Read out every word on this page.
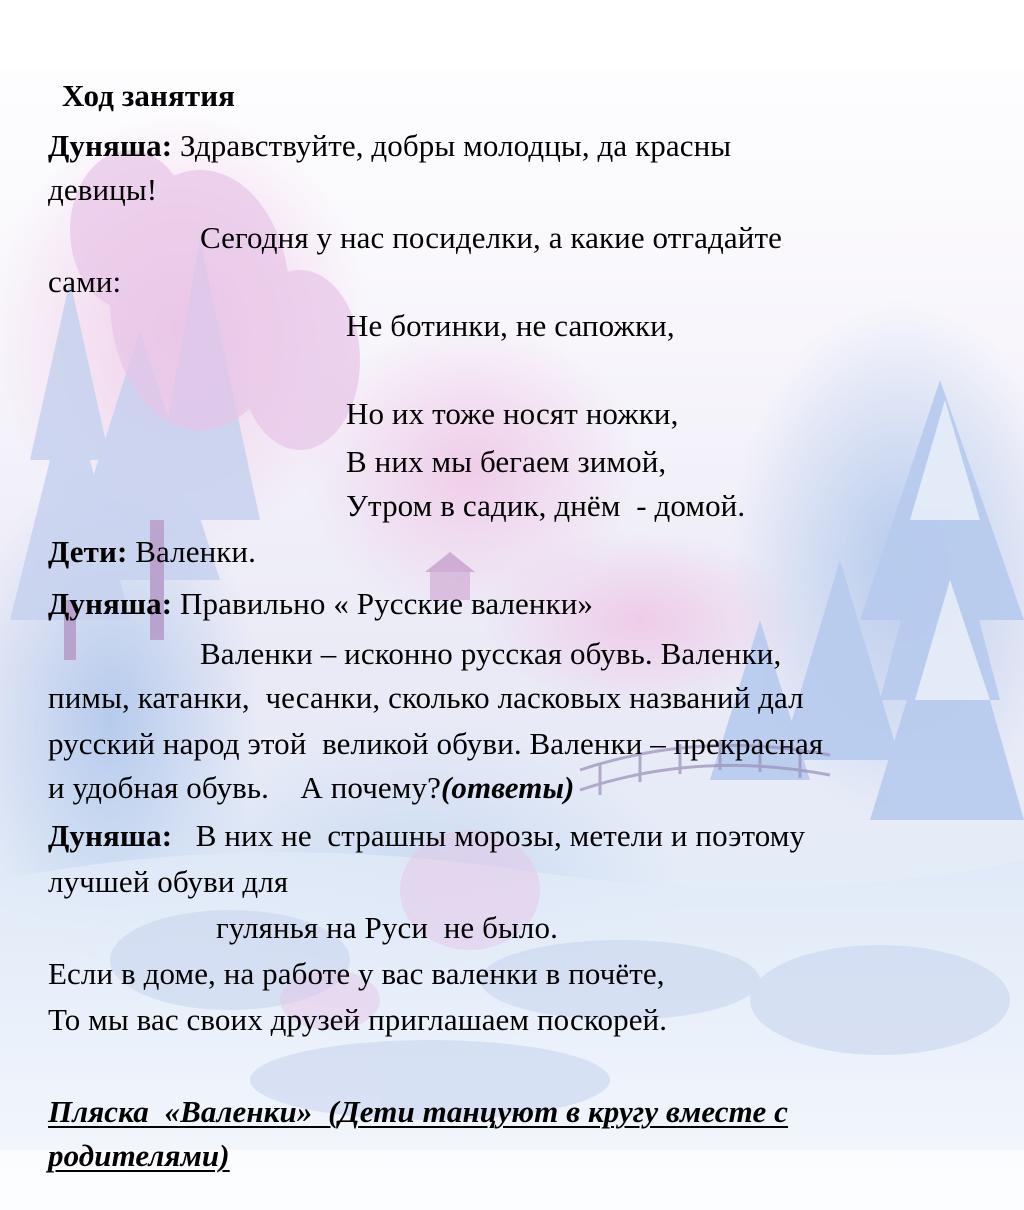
Ход занятия
Дуняша: Здравствуйте, добры молодцы, да красны
девицы!
Сегодня у нас посиделки, а какие отгадайте
сами:
Не ботинки, не сапожки,
Но их тоже носят ножки,
В них мы бегаем зимой,
Утром в садик, днём  - домой.
Дети: Валенки.
Дуняша: Правильно « Русские валенки»
Валенки – исконно русская обувь. Валенки,
пимы, катанки,  чесанки, сколько ласковых названий дал
русский народ этой  великой обуви. Валенки – прекрасная
и удобная обувь.    А почему?(ответы)
Дуняша:   В них не  страшны морозы, метели и поэтому
лучшей обуви для
гулянья на Руси  не было.
Если в доме, на работе у вас валенки в почёте,
То мы вас своих друзей приглашаем поскорей.
Пляска  «Валенки»  (Дети танцуют в кругу вместе с
родителями)
